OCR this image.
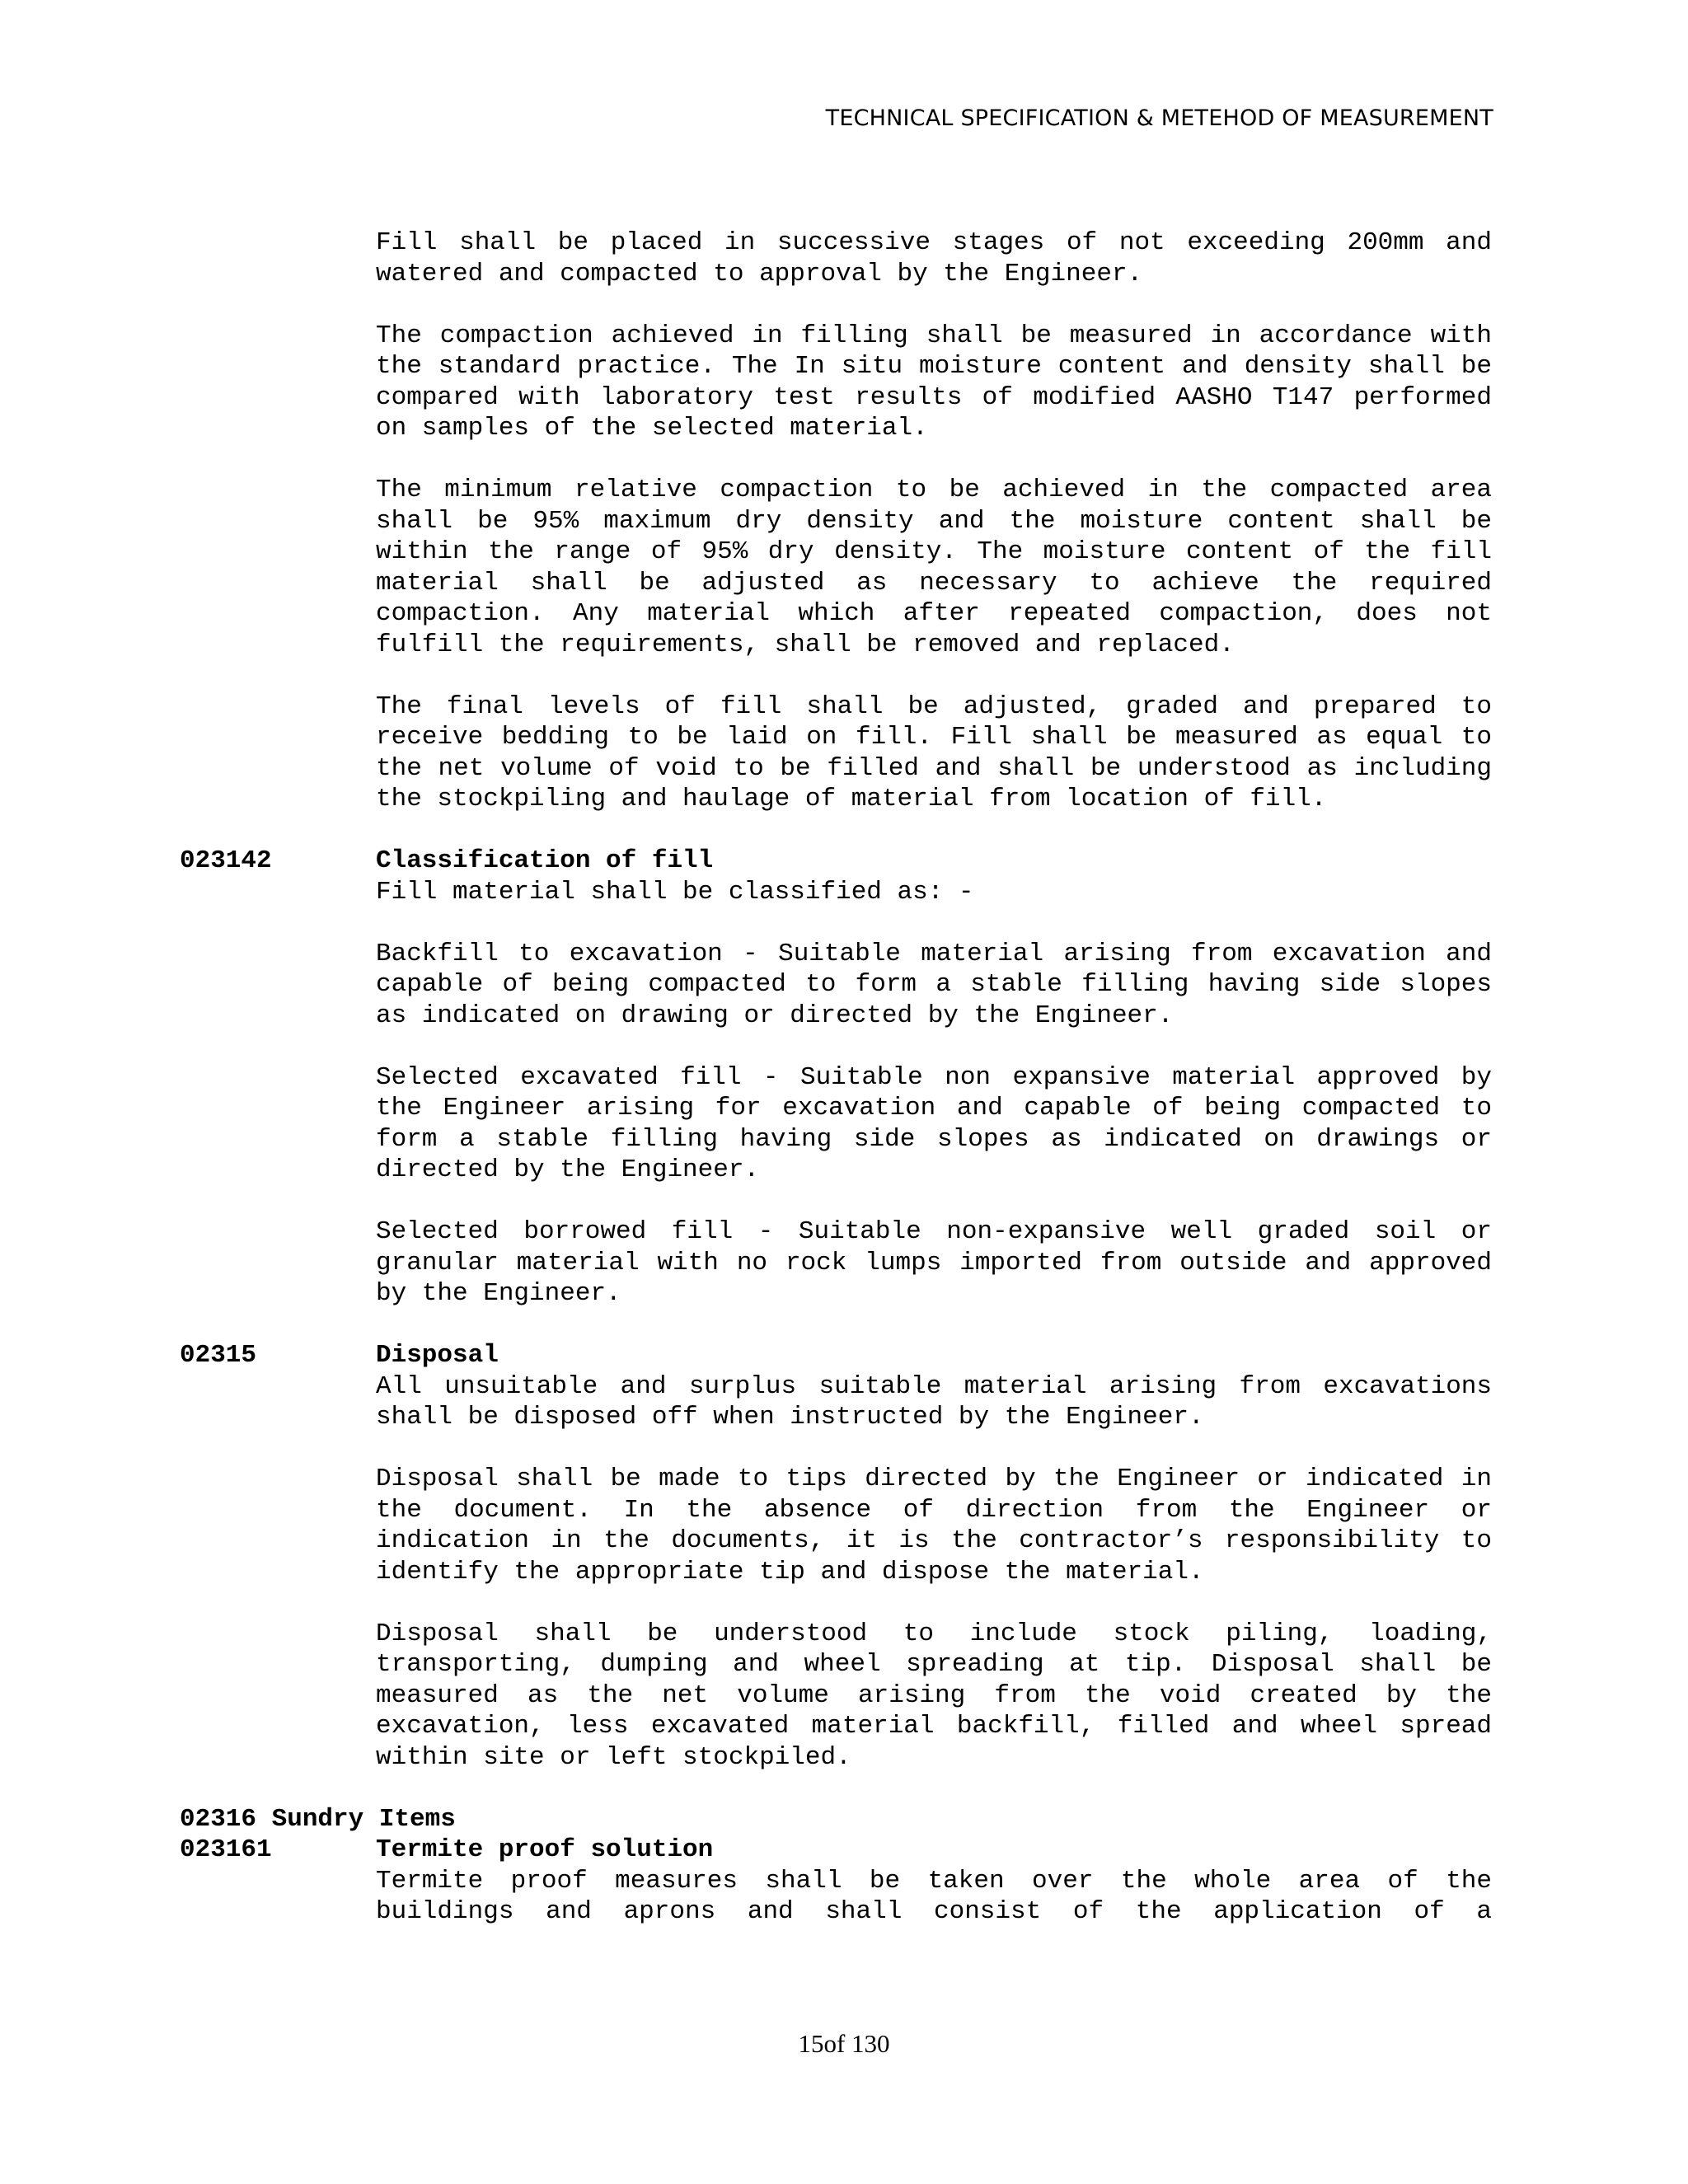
TECHNICAL SPECIFICATION & METEHOD OF MEASUREMENT

Fill shall be placed in successive stages of not exceeding 200mm and watered and compacted to approval by the Engineer.

The compaction achieved in filling shall be measured in accordance with the standard practice. The In situ moisture content and density shall be compared with laboratory test results of modified AASHO T147 performed on samples of the selected material.

The minimum relative compaction to be achieved in the compacted area shall be 95% maximum dry density and the moisture content shall be within the range of 95% dry density. The moisture content of the fill material shall be adjusted as necessary to achieve the required compaction. Any material which after repeated compaction, does not fulfill the requirements, shall be removed and replaced.

The final levels of fill shall be adjusted, graded and prepared to receive bedding to be laid on fill. Fill shall be measured as equal to the net volume of void to be filled and shall be understood as including the stockpiling and haulage of material from location of fill.

023142	Classification of fill

Fill material shall be classified as: -

Backfill to excavation - Suitable material arising from excavation and capable of being compacted to form a stable filling having side slopes as indicated on drawing or directed by the Engineer.

Selected excavated fill - Suitable non expansive material approved by the Engineer arising for excavation and capable of being compacted to form a stable filling having side slopes as indicated on drawings or directed by the Engineer.

Selected borrowed fill - Suitable non-expansive well graded soil or granular material with no rock lumps imported from outside and approved by the Engineer.

02315	Disposal

All unsuitable and surplus suitable material arising from excavations shall be disposed off when instructed by the Engineer.

Disposal shall be made to tips directed by the Engineer or indicated in the document. In the absence of direction from the Engineer or indication in the documents, it is the contractor’s responsibility to identify the appropriate tip and dispose the material.

Disposal shall be understood to include stock piling, loading, transporting, dumping and wheel spreading at tip. Disposal shall be measured as the net volume arising from the void created by the excavation, less excavated material backfill, filled and wheel spread within site or left stockpiled.

02316 Sundry Items
023161	Termite proof solution

Termite proof measures shall be taken over the whole area of the buildings and aprons and shall consist of the application of a

15of 130
